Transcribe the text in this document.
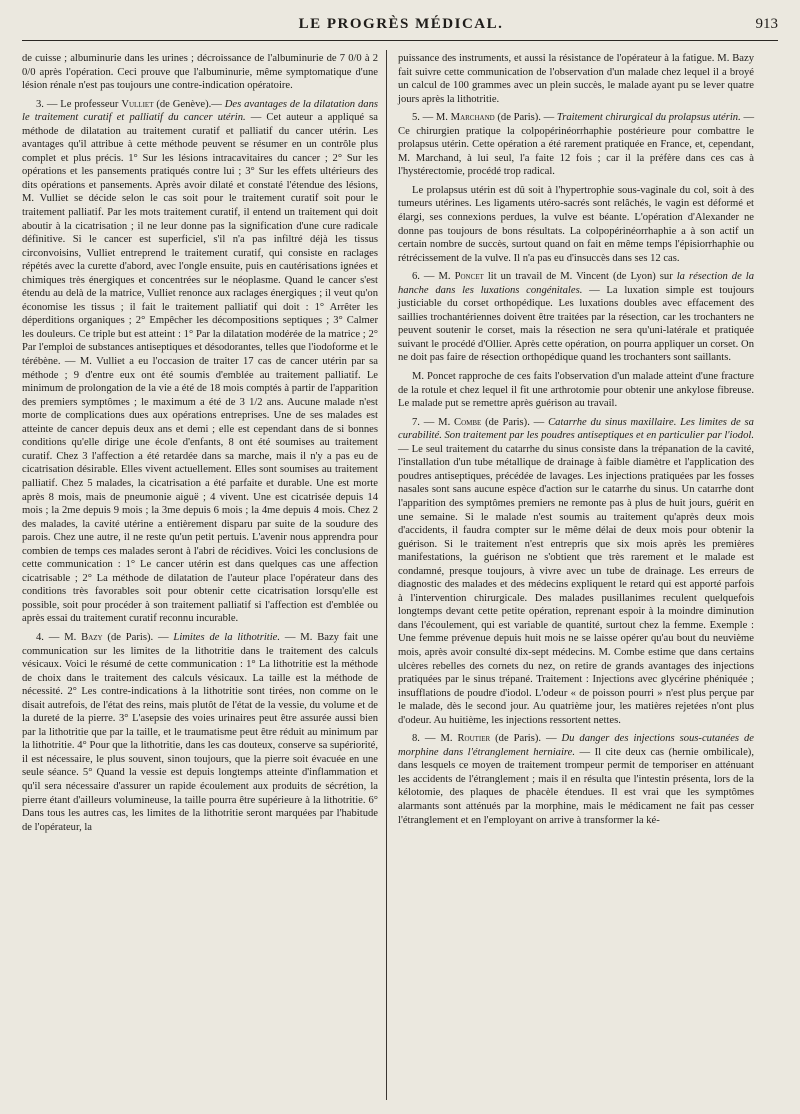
LE PROGRÈS MÉDICAL.	913

de cuisse ; albuminurie dans les urines ; décroissance de l'albuminurie de 7 0/0 à 2 0/0 après l'opération. Ceci prouve que l'albuminurie, même symptomatique d'une lésion rénale n'est pas toujours une contre-indication opératoire.

3. — Le professeur Vulliet (de Genève).— Des avantages de la dilatation dans le traitement curatif et palliatif du cancer utérin. — Cet auteur a appliqué sa méthode de dilatation au traitement curatif et palliatif du cancer utérin. Les avantages qu'il attribue à cette méthode peuvent se résumer en un contrôle plus complet et plus précis. 1° Sur les lésions intracavitaires du cancer ; 2° Sur les opérations et les pansements pratiqués contre lui ; 3° Sur les effets ultérieurs des dits opérations et pansements. Après avoir dilaté et constaté l'étendue des lésions, M. Vulliet se décide selon le cas soit pour le traitement curatif soit pour le traitement palliatif. Par les mots traitement curatif, il entend un traitement qui doit aboutir à la cicatrisation ; il ne leur donne pas la signification d'une cure radicale définitive. Si le cancer est superficiel, s'il n'a pas infiltré déjà les tissus circonvoisins, Vulliet entreprend le traitement curatif, qui consiste en raclages répétés avec la curette d'abord, avec l'ongle ensuite, puis en cautérisations ignées et chimiques très énergiques et concentrées sur le néoplasme. Quand le cancer s'est étendu au delà de la matrice, Vulliet renonce aux raclages énergiques ; il veut qu'on économise les tissus ; il fait le traitement palliatif qui doit : 1° Arrêter les déperditions organiques ; 2° Empêcher les décompositions septiques ; 3° Calmer les douleurs. Ce triple but est atteint : 1° Par la dilatation modérée de la matrice ; 2° Par l'emploi de substances antiseptiques et désodorantes, telles que l'iodoforme et le térébène. — M. Vulliet a eu l'occasion de traiter 17 cas de cancer utérin par sa méthode ; 9 d'entre eux ont été soumis d'emblée au traitement palliatif. Le minimum de prolongation de la vie a été de 18 mois comptés à partir de l'apparition des premiers symptômes ; le maximum a été de 3 1/2 ans. Aucune malade n'est morte de complications dues aux opérations entreprises. Une de ses malades est atteinte de cancer depuis deux ans et demi ; elle est cependant dans de si bonnes conditions qu'elle dirige une école d'enfants, 8 ont été soumises au traitement curatif. Chez 3 l'affection a été retardée dans sa marche, mais il n'y a pas eu de cicatrisation désirable. Elles vivent actuellement. Elles sont soumises au traitement palliatif. Chez 5 malades, la cicatrisation a été parfaite et durable. Une est morte après 8 mois, mais de pneumonie aiguë ; 4 vivent. Une est cicatrisée depuis 14 mois ; la 2me depuis 9 mois ; la 3me depuis 6 mois ; la 4me depuis 4 mois. Chez 2 des malades, la cavité utérine a entièrement disparu par suite de la soudure des parois. Chez une autre, il ne reste qu'un petit pertuis. L'avenir nous apprendra pour combien de temps ces malades seront à l'abri de récidives. Voici les conclusions de cette communication : 1° Le cancer utérin est dans quelques cas une affection cicatrisable ; 2° La méthode de dilatation de l'auteur place l'opérateur dans des conditions très favorables soit pour obtenir cette cicatrisation lorsqu'elle est possible, soit pour procéder à son traitement palliatif si l'affection est d'emblée ou après essai du traitement curatif reconnu incurable.

4. — M. Bazy (de Paris). — Limites de la lithotritie. — M. Bazy fait une communication sur les limites de la lithotritie dans le traitement des calculs vésicaux. Voici le résumé de cette communication : 1° La lithotritie est la méthode de choix dans le traitement des calculs vésicaux. La taille est la méthode de nécessité. 2° Les contre-indications à la lithotritie sont tirées, non comme on le disait autrefois, de l'état des reins, mais plutôt de l'état de la vessie, du volume et de la dureté de la pierre. 3° L'asepsie des voies urinaires peut être assurée aussi bien par la lithotritie que par la taille, et le traumatisme peut être réduit au minimum par la lithotritie. 4° Pour que la lithotritie, dans les cas douteux, conserve sa supériorité, il est nécessaire, le plus souvent, sinon toujours, que la pierre soit évacuée en une seule séance. 5° Quand la vessie est depuis longtemps atteinte d'inflammation et qu'il sera nécessaire d'assurer un rapide écoulement aux produits de sécrétion, la pierre étant d'ailleurs volumineuse, la taille pourra être supérieure à la lithotritie. 6° Dans tous les autres cas, les limites de la lithotritie seront marquées par l'habitude de l'opérateur, la

puissance des instruments, et aussi la résistance de l'opérateur à la fatigue. M. Bazy fait suivre cette communication de l'observation d'un malade chez lequel il a broyé un calcul de 100 grammes avec un plein succès, le malade ayant pu se lever quatre jours après la lithotritie.

5. — M. Marchand (de Paris). — Traitement chirurgical du prolapsus utérin. — Ce chirurgien pratique la colpopérinéorrhaphie postérieure pour combattre le prolapsus utérin. Cette opération a été rarement pratiquée en France, et, cependant, M. Marchand, à lui seul, l'a faite 12 fois ; car il la préfère dans ces cas à l'hystérectomie, procédé trop radical.

Le prolapsus utérin est dû soit à l'hypertrophie sous-vaginale du col, soit à des tumeurs utérines. Les ligaments utéro-sacrés sont relâchés, le vagin est déformé et élargi, ses connexions perdues, la vulve est béante. L'opération d'Alexander ne donne pas toujours de bons résultats. La colpopérinéorrhaphie a à son actif un certain nombre de succès, surtout quand on fait en même temps l'épisiorrhaphie ou rétrécissement de la vulve. Il n'a pas eu d'insuccès dans ses 12 cas.

6. — M. Poncet lit un travail de M. Vincent (de Lyon) sur la résection de la hanche dans les luxations congénitales. — La luxation simple est toujours justiciable du corset orthopédique. Les luxations doubles avec effacement des saillies trochantériennes doivent être traitées par la résection, car les trochanters ne peuvent soutenir le corset, mais la résection ne sera qu'uni-latérale et pratiquée suivant le procédé d'Ollier. Après cette opération, on pourra appliquer un corset. On ne doit pas faire de résection orthopédique quand les trochanters sont saillants.

M. Poncet rapproche de ces faits l'observation d'un malade atteint d'une fracture de la rotule et chez lequel il fit une arthrotomie pour obtenir une ankylose fibreuse. Le malade put se remettre après guérison au travail.

7. — M. Combe (de Paris). — Catarrhe du sinus maxillaire. Les limites de sa curabilité. Son traitement par les poudres antiseptiques et en particulier par l'iodol. — Le seul traitement du catarrhe du sinus consiste dans la trépanation de la cavité, l'installation d'un tube métallique de drainage à faible diamètre et l'application des poudres antiseptiques, précédée de lavages. Les injections pratiquées par les fosses nasales sont sans aucune espèce d'action sur le catarrhe du sinus. Un catarrhe dont l'apparition des symptômes premiers ne remonte pas à plus de huit jours, guérit en une semaine. Si le malade n'est soumis au traitement qu'après deux mois d'accidents, il faudra compter sur le même délai de deux mois pour obtenir la guérison. Si le traitement n'est entrepris que six mois après les premières manifestations, la guérison ne s'obtient que très rarement et le malade est condamné, presque toujours, à vivre avec un tube de drainage. Les erreurs de diagnostic des malades et des médecins expliquent le retard qui est apporté parfois à l'intervention chirurgicale. Des malades pusillanimes reculent quelquefois longtemps devant cette petite opération, reprenant espoir à la moindre diminution dans l'écoulement, qui est variable de quantité, surtout chez la femme. Exemple : Une femme prévenue depuis huit mois ne se laisse opérer qu'au bout du neuvième mois, après avoir consulté dix-sept médecins. M. Combe estime que dans certains ulcères rebelles des cornets du nez, on retire de grands avantages des injections pratiquées par le sinus trépané. Traitement : Injections avec glycérine phéniquée ; insufflations de poudre d'iodol. L'odeur « de poisson pourri » n'est plus perçue par le malade, dès le second jour. Au quatrième jour, les matières rejetées n'ont plus d'odeur. Au huitième, les injections ressortent nettes.

8. — M. Routier (de Paris). — Du danger des injections sous-cutanées de morphine dans l'étranglement herniaire. — Il cite deux cas (hernie ombilicale), dans lesquels ce moyen de traitement trompeur permit de temporiser en atténuant les accidents de l'étranglement ; mais il en résulta que l'intestin présenta, lors de la kélotomie, des plaques de phacèle étendues. Il est vrai que les symptômes alarmants sont atténués par la morphine, mais le médicament ne fait pas cesser l'étranglement et en l'employant on arrive à transformer la ké-
